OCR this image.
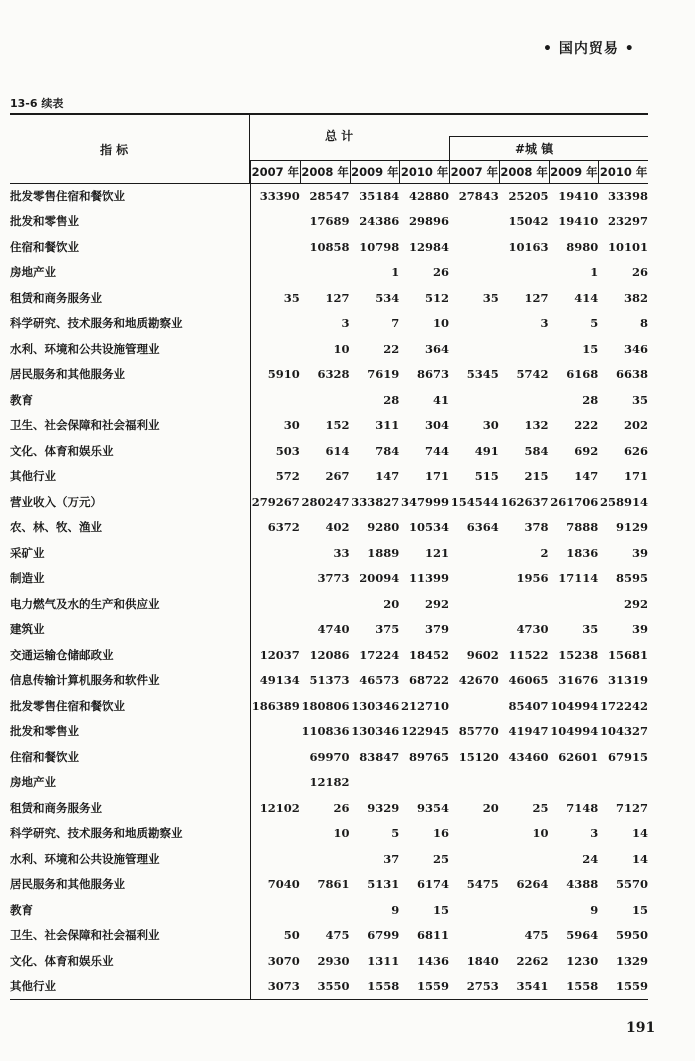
• 国内贸易 •
13-6 续表
指 标
总 计
#城 镇
2007 年 2008 年 2009 年 2010 年 2007 年 2008 年 2009 年 2010 年
批发零售住宿和餐饮业	33390	28547	35184	42880	27843	25205	19410	33398
批发和零售业		17689	24386	29896		15042	19410	23297
住宿和餐饮业		10858	10798	12984		10163	8980	10101
房地产业			1	26			1	26
租赁和商务服务业	35	127	534	512	35	127	414	382
科学研究、技术服务和地质勘察业		3	7	10		3	5	8
水利、环境和公共设施管理业		10	22	364			15	346
居民服务和其他服务业	5910	6328	7619	8673	5345	5742	6168	6638
教育			28	41			28	35
卫生、社会保障和社会福利业	30	152	311	304	30	132	222	202
文化、体育和娱乐业	503	614	784	744	491	584	692	626
其他行业	572	267	147	171	515	215	147	171
营业收入（万元）	279267	280247	333827	347999	154544	162637	261706	258914
农、林、牧、渔业	6372	402	9280	10534	6364	378	7888	9129
采矿业		33	1889	121		2	1836	39
制造业		3773	20094	11399		1956	17114	8595
电力燃气及水的生产和供应业			20	292				292
建筑业		4740	375	379		4730	35	39
交通运输仓储邮政业	12037	12086	17224	18452	9602	11522	15238	15681
信息传输计算机服务和软件业	49134	51373	46573	68722	42670	46065	31676	31319
批发零售住宿和餐饮业	186389	180806	130346	212710		85407	104994	172242
批发和零售业		110836	130346	122945	85770	41947	104994	104327
住宿和餐饮业		69970	83847	89765	15120	43460	62601	67915
房地产业		12182						
租赁和商务服务业	12102	26	9329	9354	20	25	7148	7127
科学研究、技术服务和地质勘察业		10	5	16		10	3	14
水利、环境和公共设施管理业			37	25			24	14
居民服务和其他服务业	7040	7861	5131	6174	5475	6264	4388	5570
教育			9	15			9	15
卫生、社会保障和社会福利业	50	475	6799	6811		475	5964	5950
文化、体育和娱乐业	3070	2930	1311	1436	1840	2262	1230	1329
其他行业	3073	3550	1558	1559	2753	3541	1558	1559
191
